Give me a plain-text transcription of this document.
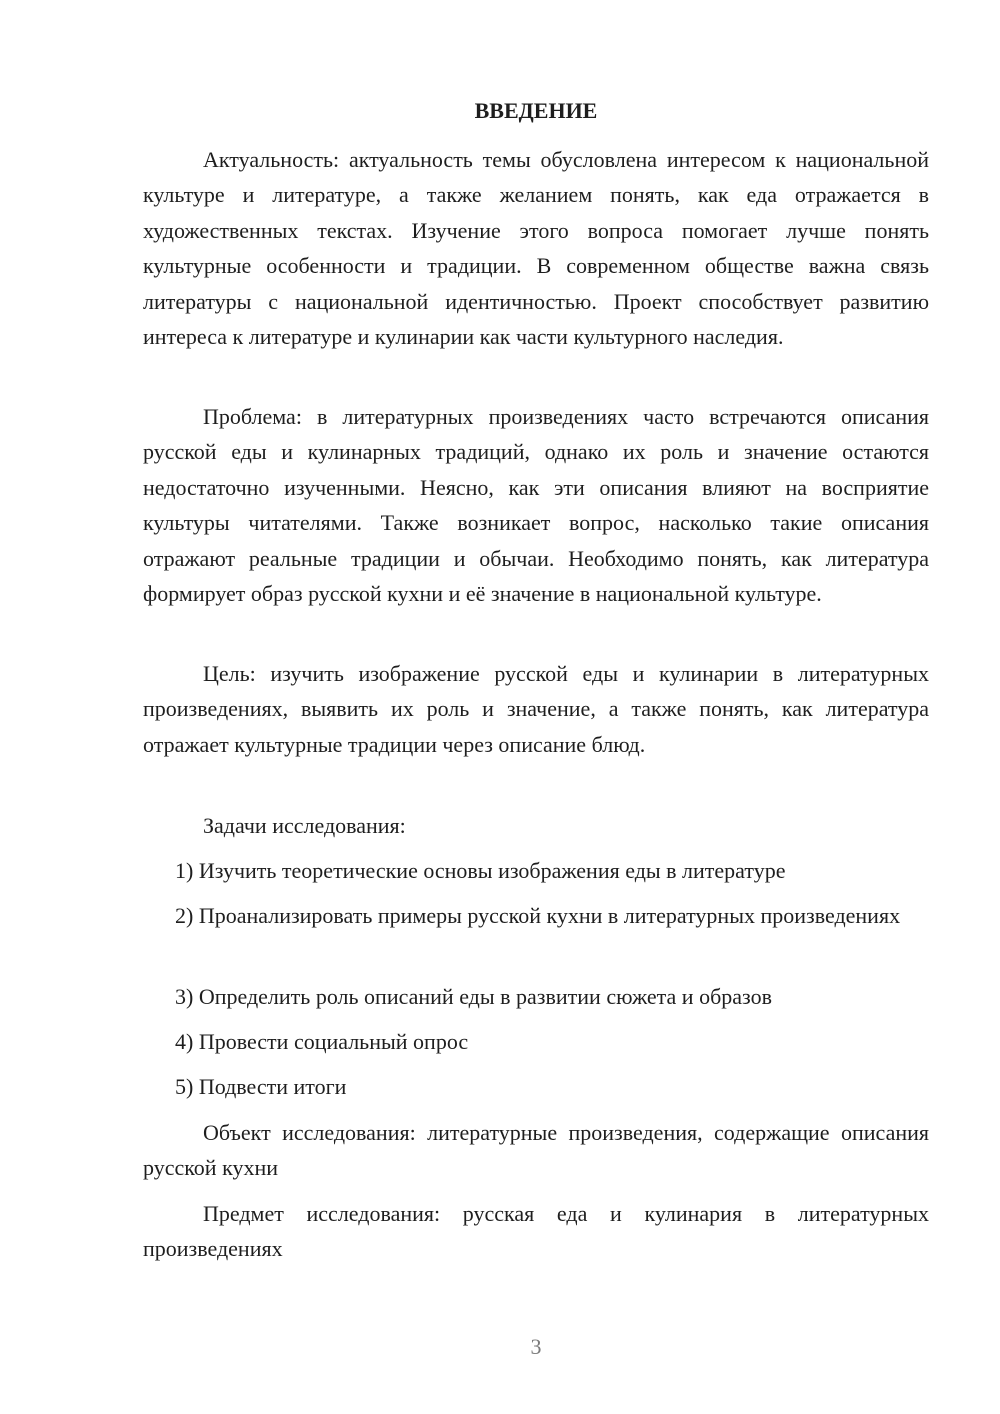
ВВЕДЕНИЕ

Актуальность: актуальность темы обусловлена интересом к национальной культуре и литературе, а также желанием понять, как еда отражается в художественных текстах. Изучение этого вопроса помогает лучше понять культурные особенности и традиции. В современном обществе важна связь литературы с национальной идентичностью. Проект способствует развитию интереса к литературе и кулинарии как части культурного наследия.

Проблема: в литературных произведениях часто встречаются описания русской еды и кулинарных традиций, однако их роль и значение остаются недостаточно изученными. Неясно, как эти описания влияют на восприятие культуры читателями. Также возникает вопрос, насколько такие описания отражают реальные традиции и обычаи. Необходимо понять, как литература формирует образ русской кухни и её значение в национальной культуре.

Цель: изучить изображение русской еды и кулинарии в литературных произведениях, выявить их роль и значение, а также понять, как литература отражает культурные традиции через описание блюд.

Задачи исследования:

1) Изучить теоретические основы изображения еды в литературе

2) Проанализировать примеры русской кухни в литературных произведениях

3) Определить роль описаний еды в развитии сюжета и образов

4) Провести социальный опрос

5) Подвести итоги

Объект исследования: литературные произведения, содержащие описания русской кухни

Предмет исследования: русская еда и кулинария в литературных произведениях

3
